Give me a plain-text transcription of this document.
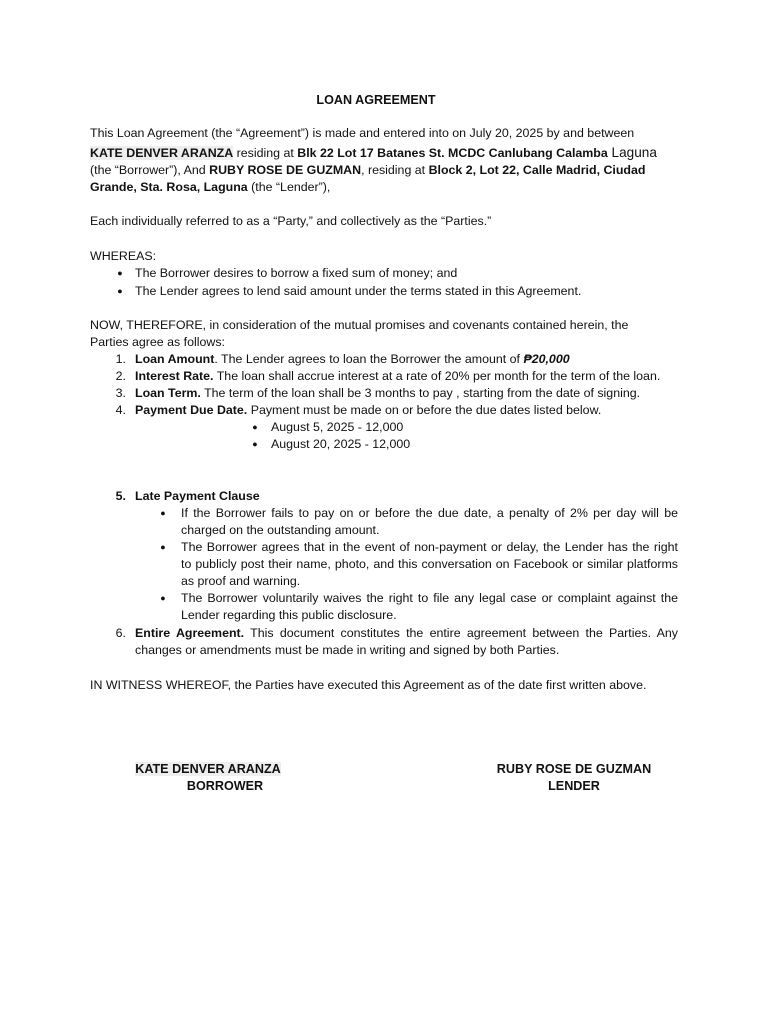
LOAN AGREEMENT
This Loan Agreement (the “Agreement”) is made and entered into on July 20, 2025 by and between
KATE DENVER ARANZA residing at Blk 22 Lot 17 Batanes St. MCDC Canlubang Calamba Laguna
(the “Borrower”), And RUBY ROSE DE GUZMAN, residing at Block 2, Lot 22, Calle Madrid, Ciudad
Grande, Sta. Rosa, Laguna (the “Lender”),
Each individually referred to as a “Party,” and collectively as the “Parties.”
WHEREAS:
● The Borrower desires to borrow a fixed sum of money; and
● The Lender agrees to lend said amount under the terms stated in this Agreement.
NOW, THEREFORE, in consideration of the mutual promises and covenants contained herein, the
Parties agree as follows:
1. Loan Amount. The Lender agrees to loan the Borrower the amount of ₱20,000
2. Interest Rate. The loan shall accrue interest at a rate of 20% per month for the term of the loan.
3. Loan Term. The term of the loan shall be 3 months to pay , starting from the date of signing.
4. Payment Due Date. Payment must be made on or before the due dates listed below.
●	August 5, 2025 - 12,000
●	August 20, 2025 - 12,000
5. Late Payment Clause
●	If the Borrower fails to pay on or before the due date, a penalty of 2% per day will be
charged on the outstanding amount.
●	The Borrower agrees that in the event of non-payment or delay, the Lender has the right
to publicly post their name, photo, and this conversation on Facebook or similar platforms
as proof and warning.
●	The Borrower voluntarily waives the right to file any legal case or complaint against the
Lender regarding this public disclosure.
6. Entire Agreement. This document constitutes the entire agreement between the Parties. Any
changes or amendments must be made in writing and signed by both Parties.
IN WITNESS WHEREOF, the Parties have executed this Agreement as of the date first written above.
KATE DENVER ARANZA
BORROWER
RUBY ROSE DE GUZMAN
LENDER
